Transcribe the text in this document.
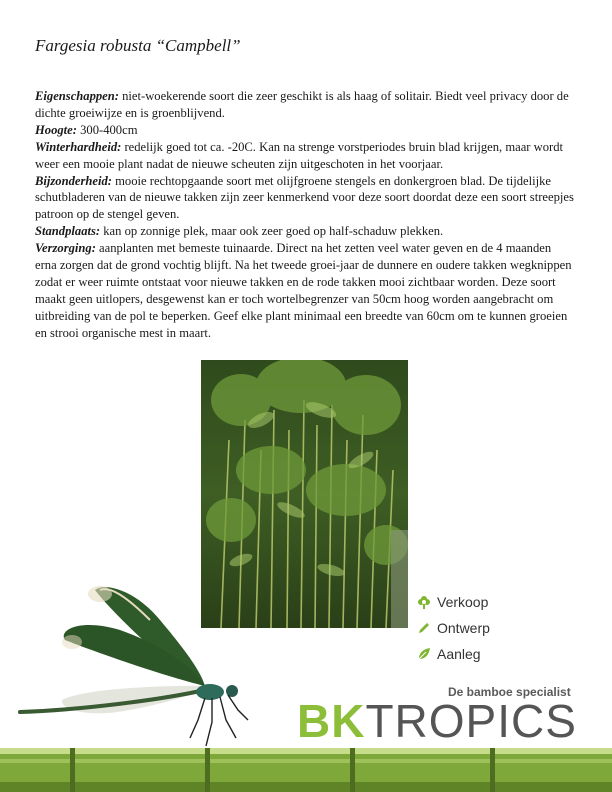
Fargesia robusta “Campbell”

Eigenschappen: niet-woekerende soort die zeer geschikt is als haag of solitair. Biedt veel privacy door de dichte groeiwijze en is groenblijvend.

Hoogte: 300-400cm

Winterhardheid: redelijk goed tot ca. -20C. Kan na strenge vorstperiodes bruin blad krijgen, maar wordt weer een mooie plant nadat de nieuwe scheuten zijn uitgeschoten in het voorjaar.

Bijzonderheid: mooie rechtopgaande soort met olijfgroene stengels en donkergroen blad. De tijdelijke schutbladeren van de nieuwe takken zijn zeer kenmerkend voor deze soort doordat deze een soort streepjes patroon op de stengel geven.

Standplaats: kan op zonnige plek, maar ook zeer goed op half-schaduw plekken.

Verzorging: aanplanten met bemeste tuinaarde. Direct na het zetten veel water geven en de 4 maanden erna zorgen dat de grond vochtig blijft. Na het tweede groei-jaar de dunnere en oudere takken wegknippen zodat er weer ruimte ontstaat voor nieuwe takken en de rode takken mooi zichtbaar worden. Deze soort maakt geen uitlopers, desgewenst kan er toch wortelbegrenzer van 50cm hoog worden aangebracht om uitbreiding van de pol te beperken. Geef elke plant minimaal een breedte van 60cm om te kunnen groeien en strooi organische mest in maart.

Verkoop
Ontwerp
Aanleg
De bamboe specialist
BKTROPICS
